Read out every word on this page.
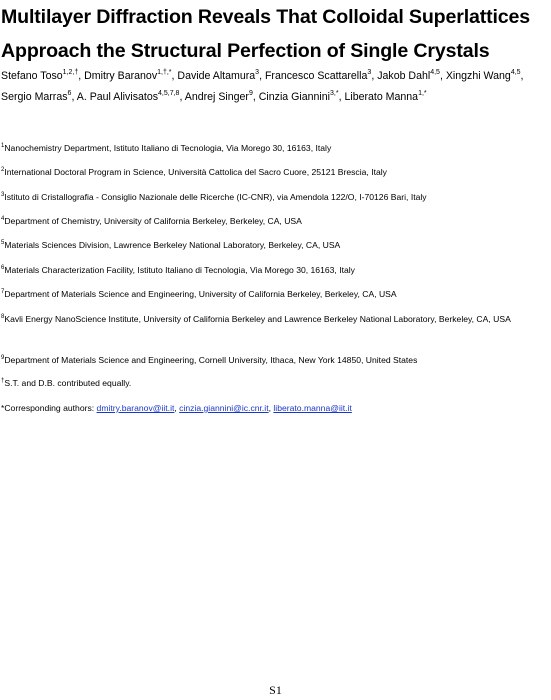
Multilayer Diffraction Reveals That Colloidal Superlattices Approach the Structural Perfection of Single Crystals
Stefano Toso$^{1,2,\dagger}$, Dmitry Baranov$^{1,\dagger,*}$, Davide Altamura$^3$, Francesco Scattarella$^3$, Jakob Dahl$^{4,5}$, Xingzhi Wang$^{4,5}$, Sergio Marras$^6$, A. Paul Alivisatos$^{4,5,7,8}$, Andrej Singer$^9$, Cinzia Giannini$^{3,*}$, Liberato Manna$^{1,*}$
$^1$Nanochemistry Department, Istituto Italiano di Tecnologia, Via Morego 30, 16163, Italy
$^2$International Doctoral Program in Science, Università Cattolica del Sacro Cuore, 25121 Brescia, Italy
$^3$Istituto di Cristallografia - Consiglio Nazionale delle Ricerche (IC-CNR), via Amendola 122/O, I-70126 Bari, Italy
$^4$Department of Chemistry, University of California Berkeley, Berkeley, CA, USA
$^5$Materials Sciences Division, Lawrence Berkeley National Laboratory, Berkeley, CA, USA
$^6$Materials Characterization Facility, Istituto Italiano di Tecnologia, Via Morego 30, 16163, Italy
$^7$Department of Materials Science and Engineering, University of California Berkeley, Berkeley, CA, USA
$^8$Kavli Energy NanoScience Institute, University of California Berkeley and Lawrence Berkeley National Laboratory, Berkeley, CA, USA
$^9$Department of Materials Science and Engineering, Cornell University, Ithaca, New York 14850, United States
†S.T. and D.B. contributed equally.
*Corresponding authors: dmitry.baranov@iit.it, cinzia.giannini@ic.cnr.it, liberato.manna@iit.it
S1
